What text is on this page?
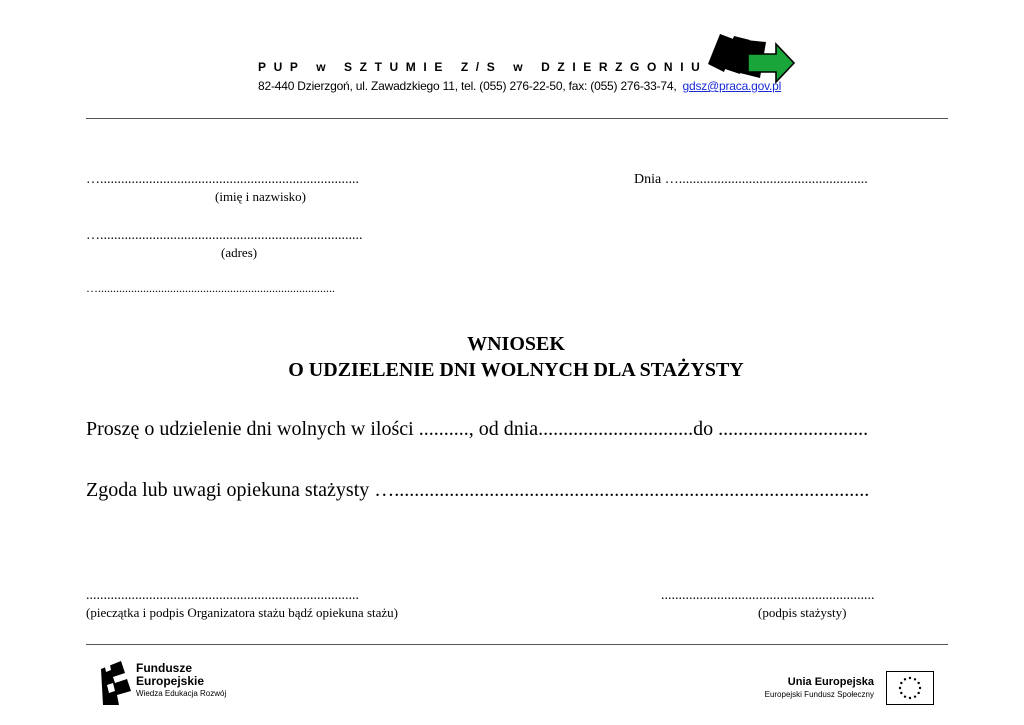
PUP w SZTUMIE Z/S w DZIERZGONIU
82-440 Dzierzgoń, ul. Zawadzkiego 11, tel. (055) 276-22-50, fax: (055) 276-33-74, gdsz@praca.gov.pl
…..........................................................................
(imię i nazwisko)
Dnia …......................................................
…...........................................................................
(adres)
…...............................................................................
WNIOSEK
O UDZIELENIE DNI WOLNYCH DLA STAŻYSTY
Proszę o udzielenie dni wolnych w ilości .........., od dnia...............................do ..............................
Zgoda lub uwagi opiekuna stażysty …...............................................................................................
..............................................................................
(pieczątka i podpis Organizatora stażu bądź opiekuna stażu)
.............................................................
(podpis stażysty)
Fundusze
Europejskie
Wiedza Edukacja Rozwój
Unia Europejska
Europejski Fundusz Społeczny
